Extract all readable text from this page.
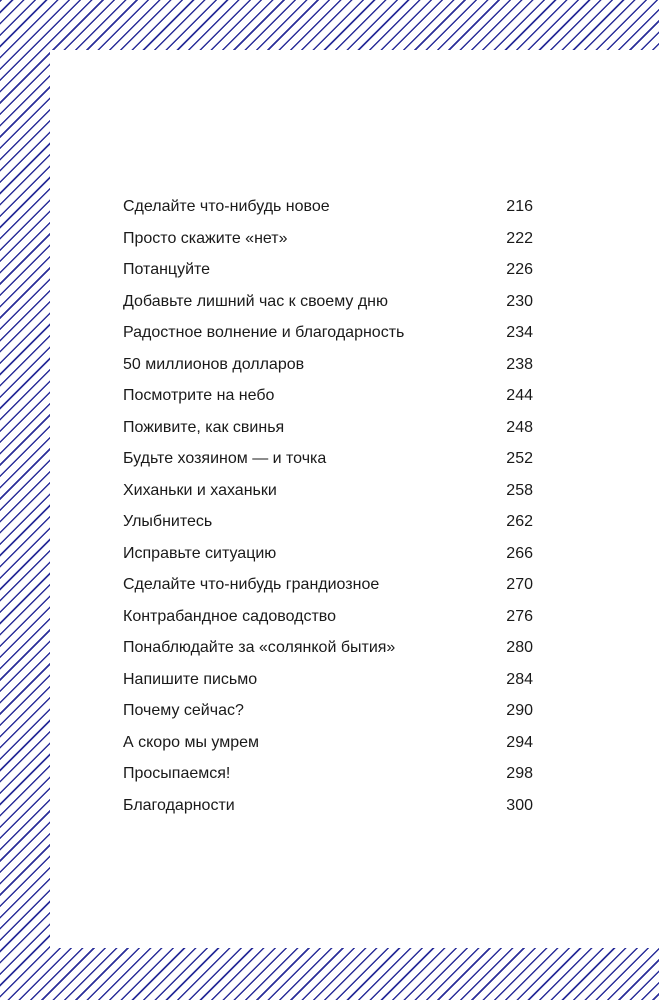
Сделайте что-нибудь новое	216
Просто скажите «нет»	222
Потанцуйте	226
Добавьте лишний час к своему дню	230
Радостное волнение и благодарность	234
50 миллионов долларов	238
Посмотрите на небо	244
Поживите, как свинья	248
Будьте хозяином — и точка	252
Хиханьки и хаханьки	258
Улыбнитесь	262
Исправьте ситуацию	266
Сделайте что-нибудь грандиозное	270
Контрабандное садоводство	276
Понаблюдайте за «солянкой бытия»	280
Напишите письмо	284
Почему сейчас?	290
А скоро мы умрем	294
Просыпаемся!	298
Благодарности	300
